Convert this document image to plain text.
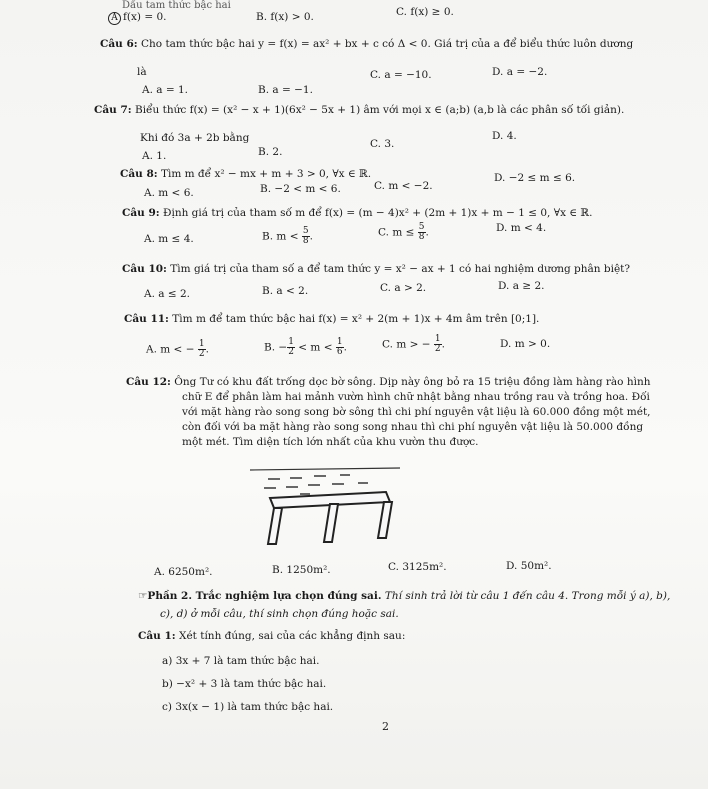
Dấu tam thức bậc hai
A f(x) = 0.	B. f(x) > 0.	C. f(x) ≥ 0.
Câu 6: Cho tam thức bậc hai y = f(x) = ax² + bx + c có Δ < 0. Giá trị của a để biểu thức luôn dương
là
A. a = 1.	B. a = −1.
C. a = −10.	D. a = −2.
Câu 7: Biểu thức f(x) = (x² − x + 1)(6x² − 5x + 1) âm với mọi x ∈ (a;b) (a,b là các phân số tối giản).
Khi đó 3a + 2b bằng
A. 1.	B. 2.
C. 3.
D. 4.
Câu 8: Tìm m để x² − mx + m + 3 > 0, ∀x ∈ ℝ.
A. m < 6.	B. −2 < m < 6.	C. m < −2.
D. −2 ≤ m ≤ 6.
Câu 9: Định giá trị của tham số m để f(x) = (m − 4)x² + (2m + 1)x + m − 1 ≤ 0, ∀x ∈ ℝ.
A. m ≤ 4.	B. $m < \frac{5}{8}$ .	C. $m \le \frac{5}{8}$ .	D. m < 4.
Câu 10: Tìm giá trị của tham số a để tam thức y = x² − ax + 1 có hai nghiệm dương phân biệt?
A. a ≤ 2.	B. a < 2.	C. a > 2.	D. a ≥ 2.
Câu 11: Tìm m để tam thức bậc hai f(x) = x² + 2(m + 1)x + 4m âm trên [0;1].
A. m < − $\frac{1}{2}$ .	B. − $\frac{1}{2} < m < \frac{1}{6}$ .	C. m > − $\frac{1}{2}$ .	D. m > 0.
Câu 12: Ông Tư có khu đất trống dọc bờ sông. Dịp này ông bỏ ra 15 triệu đồng làm hàng rào hình
chữ E để phân làm hai mảnh vườn hình chữ nhật bằng nhau trồng rau và trồng hoa. Đối
với mặt hàng rào song song bờ sông thì chi phí nguyên vật liệu là 60.000 đồng một mét,
còn đối với ba mặt hàng rào song song nhau thì chi phí nguyên vật liệu là 50.000 đồng
một mét. Tìm diện tích lớn nhất của khu vườn thu được.
A. 6250m².	B. 1250m².	C. 3125m².	D. 50m².
☞Phần 2. Trắc nghiệm lựa chọn đúng sai. Thí sinh trả lời từ câu 1 đến câu 4. Trong mỗi ý a), b),
c), d) ở mỗi câu, thí sinh chọn đúng hoặc sai.
Câu 1: Xét tính đúng, sai của các khẳng định sau:
a) 3x + 7 là tam thức bậc hai.
b) −x² + 3 là tam thức bậc hai.
c) 3x(x − 1) là tam thức bậc hai.
2
